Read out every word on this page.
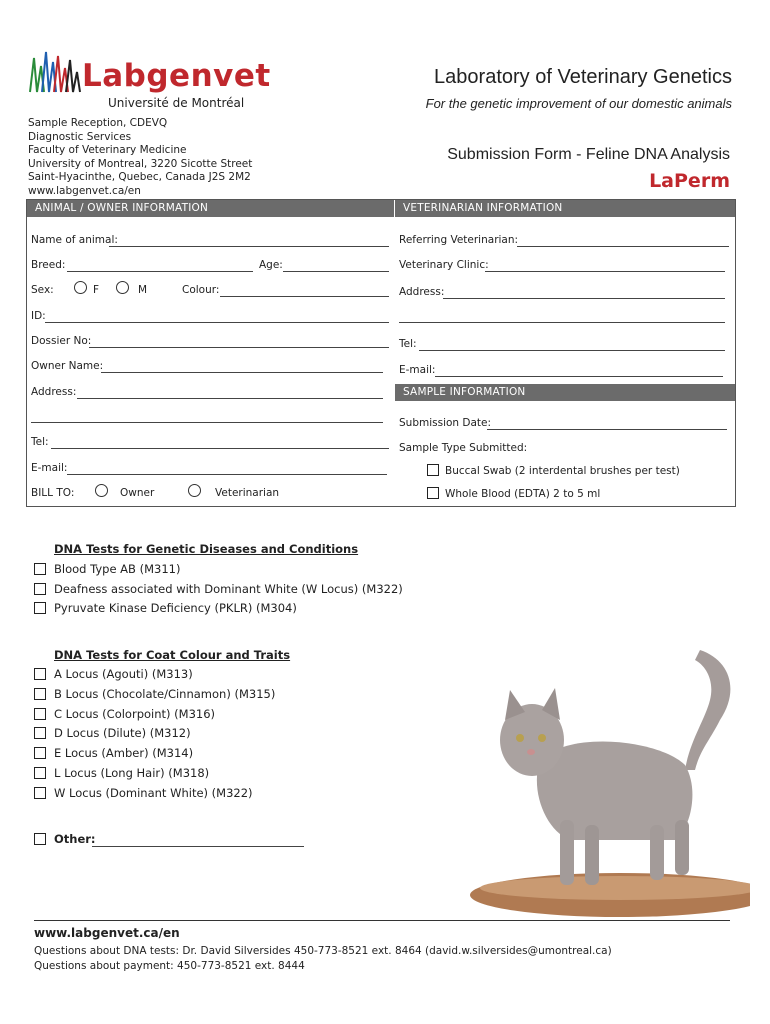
Labgenvet
Université de Montréal
Laboratory of Veterinary Genetics
For the genetic improvement of our domestic animals
Sample Reception, CDEVQ
Diagnostic Services
Faculty of Veterinary Medicine
University of Montreal, 3220 Sicotte Street
Saint-Hyacinthe, Quebec, Canada J2S 2M2
www.labgenvet.ca/en
Submission Form - Feline DNA Analysis
LaPerm
ANIMAL / OWNER INFORMATION	VETERINARIAN INFORMATION
Name of animal:
Breed:	Age:
Sex:	F	M	Colour:
ID:
Dossier No:
Owner Name:
Address:
Tel:
E-mail:
BILL TO:	Owner	Veterinarian
Referring Veterinarian:
Veterinary Clinic:
Address:
Tel:
E-mail:
SAMPLE INFORMATION
Submission Date:
Sample Type Submitted:
Buccal Swab (2 interdental brushes per test)
Whole Blood (EDTA) 2 to 5 ml
DNA Tests for Genetic Diseases and Conditions
Blood Type AB (M311)
Deafness associated with Dominant White (W Locus) (M322)
Pyruvate Kinase Deficiency (PKLR) (M304)
DNA Tests for Coat Colour and Traits
A Locus (Agouti) (M313)
B Locus (Chocolate/Cinnamon) (M315)
C Locus (Colorpoint) (M316)
D Locus (Dilute) (M312)
E Locus (Amber) (M314)
L Locus (Long Hair) (M318)
W Locus (Dominant White) (M322)
Other:
www.labgenvet.ca/en
Questions about DNA tests: Dr. David Silversides 450-773-8521 ext. 8464 (david.w.silversides@umontreal.ca)
Questions about payment: 450-773-8521 ext. 8444
